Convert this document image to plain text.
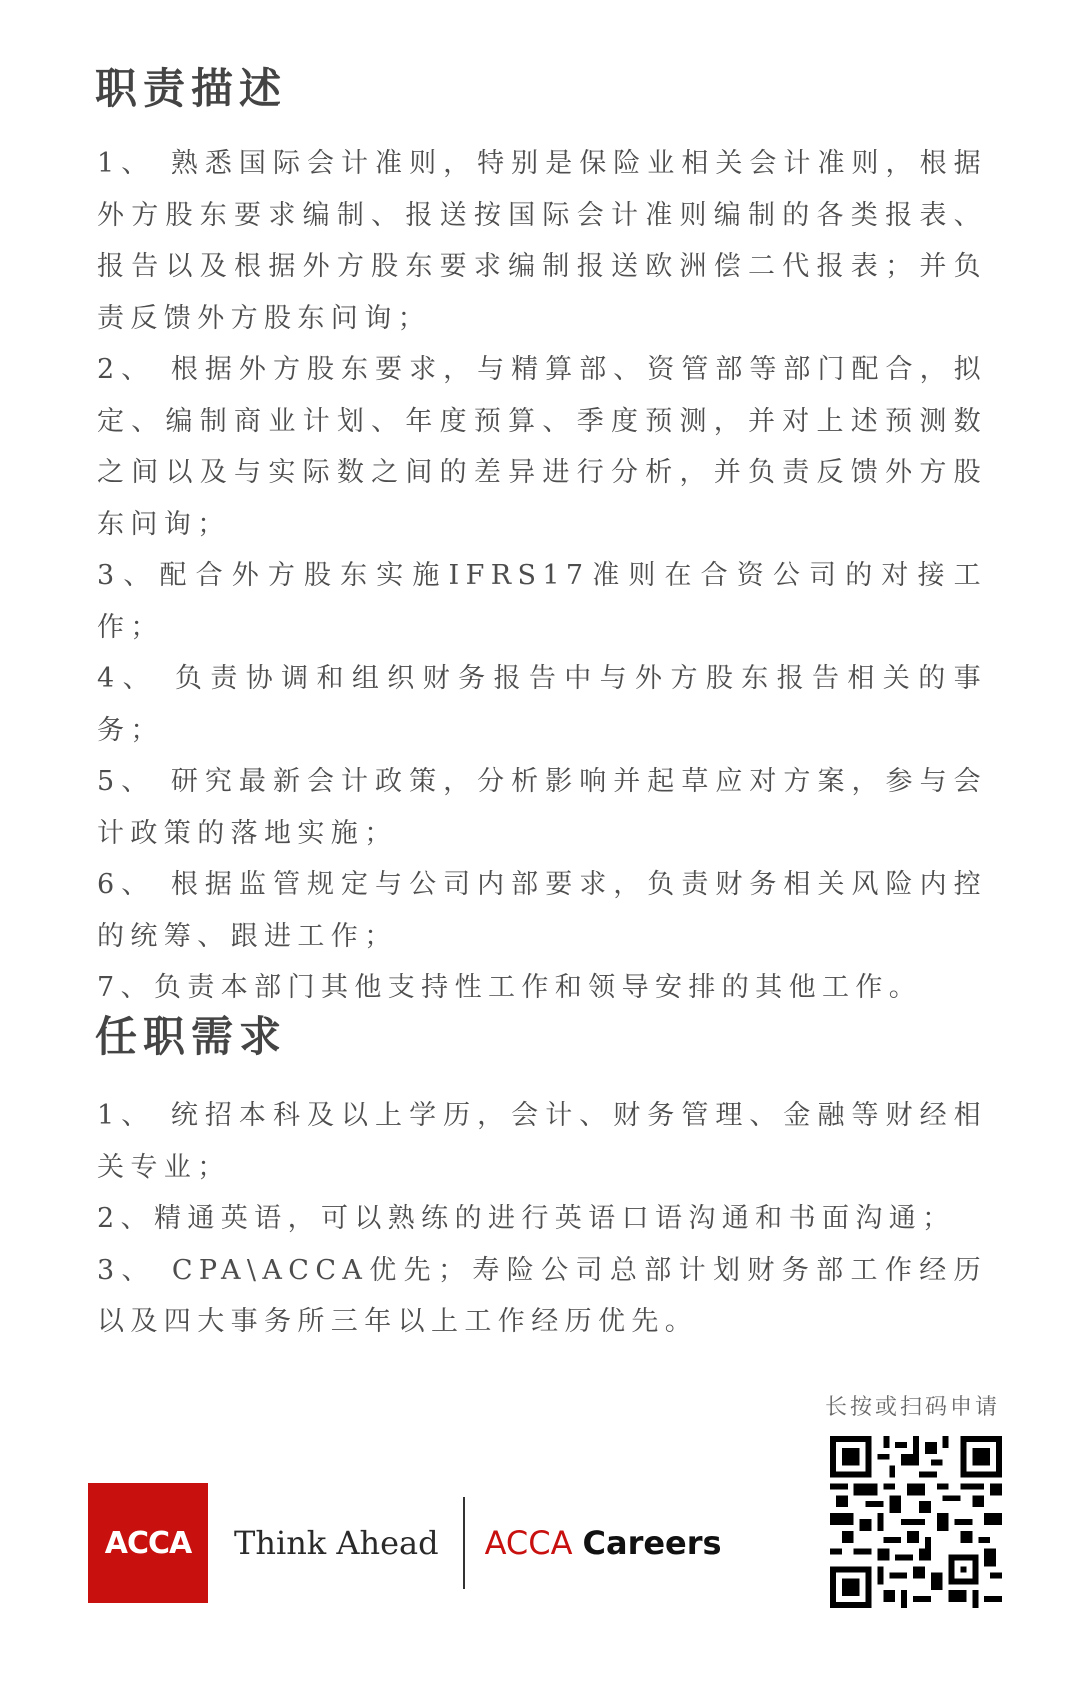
职责描述
1、 熟悉国际会计准则，特别是保险业相关会计准则，根据外方股东要求编制、报送按国际会计准则编制的各类报表、报告以及根据外方股东要求编制报送欧洲偿二代报表；并负责反馈外方股东问询；
2、 根据外方股东要求，与精算部、资管部等部门配合，拟定、编制商业计划、年度预算、季度预测，并对上述预测数之间以及与实际数之间的差异进行分析，并负责反馈外方股东问询；
3、配合外方股东实施IFRS17准则在合资公司的对接工作；
4、 负责协调和组织财务报告中与外方股东报告相关的事务；
5、 研究最新会计政策，分析影响并起草应对方案，参与会计政策的落地实施；
6、 根据监管规定与公司内部要求，负责财务相关风险内控的统筹、跟进工作；
7、负责本部门其他支持性工作和领导安排的其他工作。
任职需求
1、 统招本科及以上学历，会计、财务管理、金融等财经相关专业；
2、精通英语，可以熟练的进行英语口语沟通和书面沟通；
3、 CPA\ACCA优先；寿险公司总部计划财务部工作经历以及四大事务所三年以上工作经历优先。
ACCA	Think Ahead ACCA Careers
长按或扫码申请
